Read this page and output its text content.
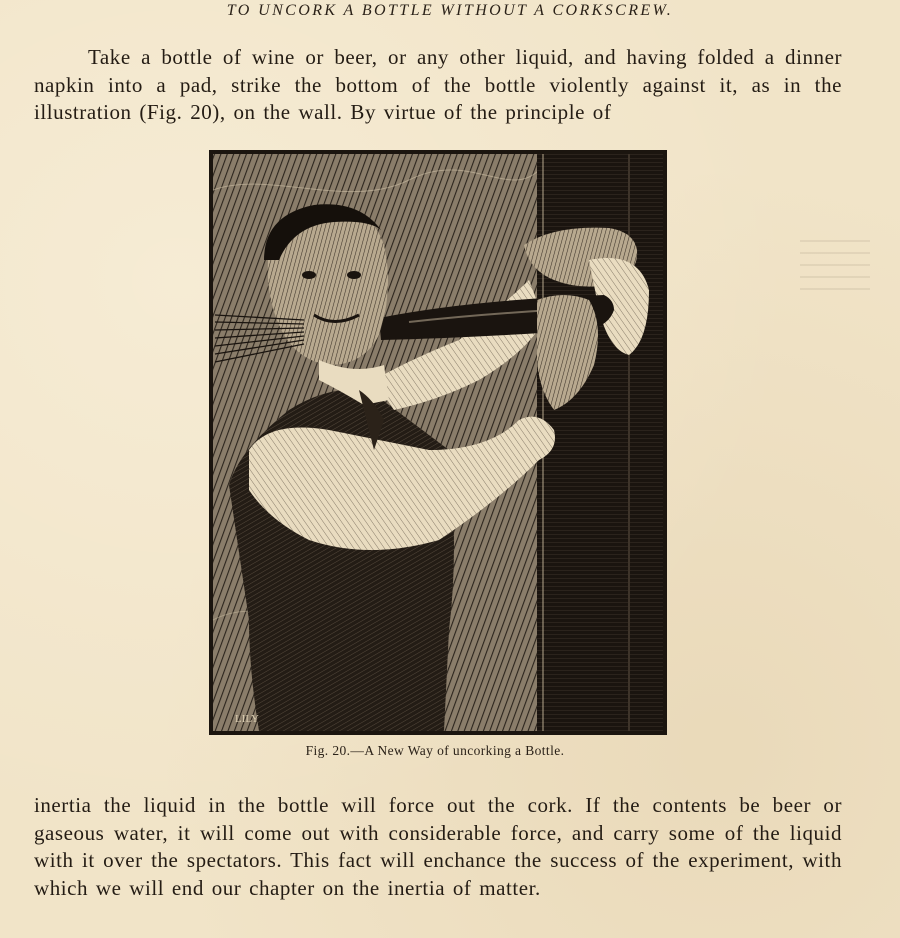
TO UNCORK A BOTTLE WITHOUT A CORKSCREW.

Take a bottle of wine or beer, or any other liquid, and having folded a dinner napkin into a pad, strike the bottom of the bottle violently against it, as in the illustration (Fig. 20), on the wall. By virtue of the principle of

LILY
Fig. 20.—A New Way of uncorking a Bottle.

inertia the liquid in the bottle will force out the cork. If the contents be beer or gaseous water, it will come out with considerable force, and carry some of the liquid with it over the spectators. This fact will enchance the success of the experiment, with which we will end our chapter on the inertia of matter.
